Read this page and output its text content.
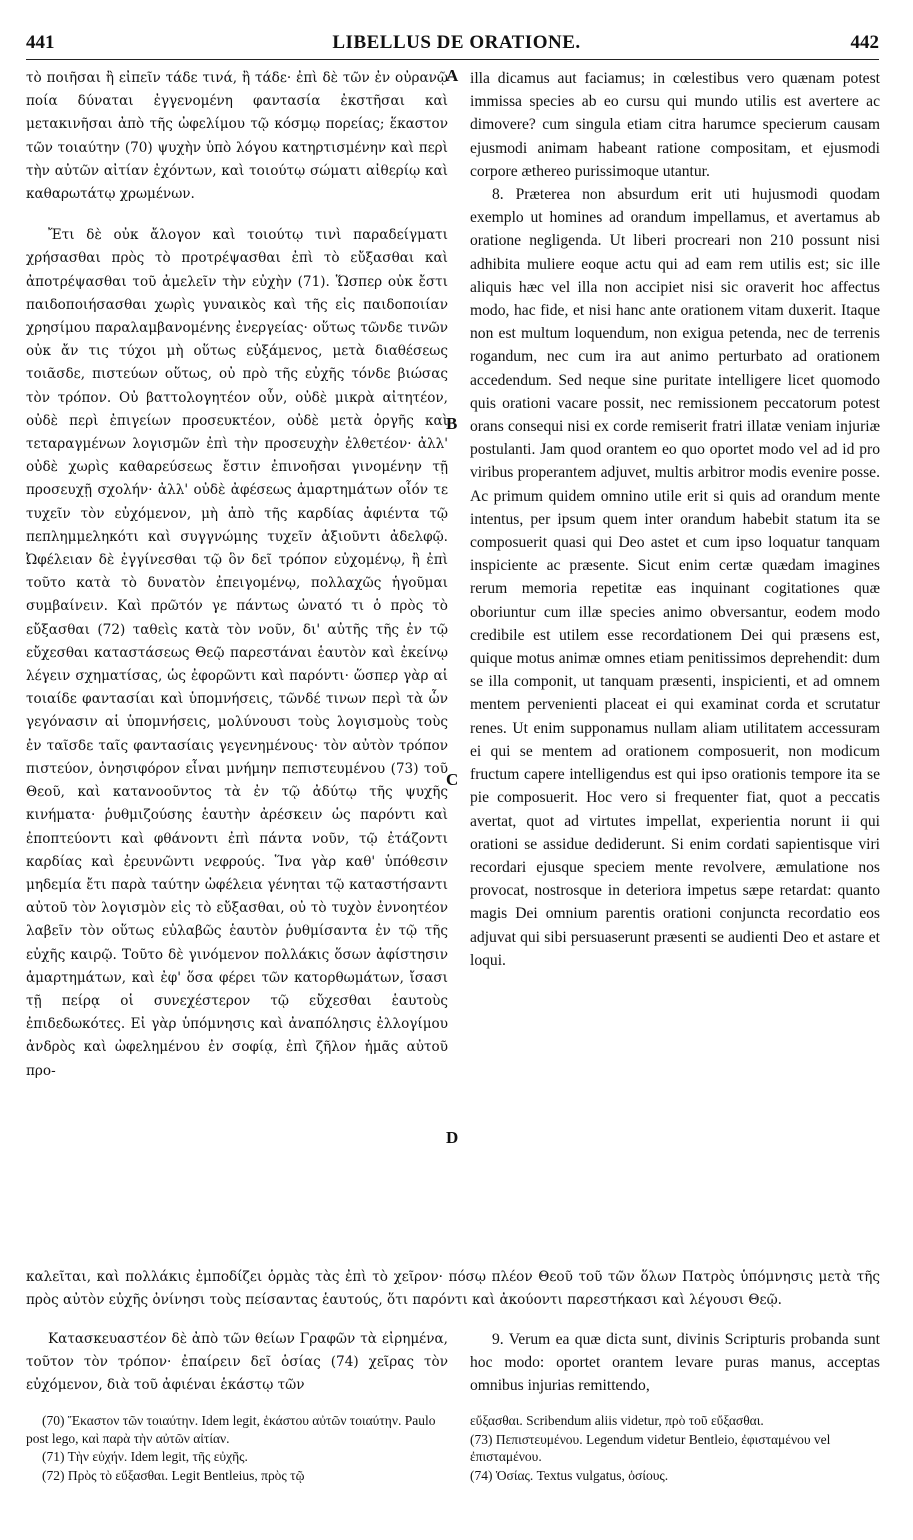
441	LIBELLUS DE ORATIONE.	442

τὸ ποιῆσαι ἢ εἰπεῖν τάδε τινά, ἢ τάδε· ἐπὶ δὲ τῶν ἐν οὐρανῷ ποία δύναται ἐγγενομένη φαντασία ἐκστῆσαι καὶ μετακινῆσαι ἀπὸ τῆς ὠφελίμου τῷ κόσμῳ πορείας; ἕκαστον τῶν τοιαύτην (70) ψυχὴν ὑπὸ λόγου κατηρτισμένην καὶ περὶ τὴν αὐτῶν αἰτίαν ἐχόντων, καὶ τοιούτῳ σώματι αἰθερίῳ καὶ καθαρωτάτῳ χρωμένων.

Ἔτι δὲ οὐκ ἄλογον καὶ τοιούτῳ τινὶ παραδείγματι χρήσασθαι πρὸς τὸ προτρέψασθαι ἐπὶ τὸ εὔξασθαι καὶ ἀποτρέψασθαι τοῦ ἀμελεῖν τὴν εὐχὴν (71). Ὥσπερ οὐκ ἔστι παιδοποιήσασθαι χωρὶς γυναικὸς καὶ τῆς εἰς παιδοποιίαν χρησίμου παραλαμβανομένης ἐνεργείας· οὕτως τῶνδε τινῶν οὐκ ἄν τις τύχοι μὴ οὕτως εὐξάμενος, μετὰ διαθέσεως τοιᾶσδε, πιστεύων οὕτως, οὐ πρὸ τῆς εὐχῆς τόνδε βιώσας τὸν τρόπον. Οὐ βαττολογητέον οὖν, οὐδὲ μικρὰ αἰτητέον, οὐδὲ περὶ ἐπιγείων προσευκτέον, οὐδὲ μετὰ ὀργῆς καὶ τεταραγμένων λογισμῶν ἐπὶ τὴν προσευχὴν ἐλθετέον· ἀλλ' οὐδὲ χωρὶς καθαρεύσεως ἔστιν ἐπινοῆσαι γινομένην τῇ προσευχῇ σχολήν· ἀλλ' οὐδὲ ἀφέσεως ἁμαρτημάτων οἷόν τε τυχεῖν τὸν εὐχόμενον, μὴ ἀπὸ τῆς καρδίας ἀφιέντα τῷ πεπλημμεληκότι καὶ συγγνώμης τυχεῖν ἀξιοῦντι ἀδελφῷ. Ὠφέλειαν δὲ ἐγγίνεσθαι τῷ ὃν δεῖ τρόπον εὐχομένῳ, ἢ ἐπὶ τοῦτο κατὰ τὸ δυνατὸν ἐπειγομένῳ, πολλαχῶς ἡγοῦμαι συμβαίνειν. Καὶ πρῶτόν γε πάντως ὠνατό τι ὁ πρὸς τὸ εὔξασθαι (72) ταθεὶς κατὰ τὸν νοῦν, δι' αὐτῆς τῆς ἐν τῷ εὔχεσθαι καταστάσεως Θεῷ παρεστάναι ἑαυτὸν καὶ ἐκείνῳ λέγειν σχηματίσας, ὡς ἐφορῶντι καὶ παρόντι· ὥσπερ γὰρ αἱ τοιαίδε φαντασίαι καὶ ὑπομνήσεις, τῶνδέ τινων περὶ τὰ ὧν γεγόνασιν αἱ ὑπομνήσεις, μολύνουσι τοὺς λογισμοὺς τοὺς ἐν ταῖσδε ταῖς φαντασίαις γεγενημένους· τὸν αὐτὸν τρόπον πιστεύον, ὀνησιφόρον εἶναι μνήμην πεπιστευμένου (73) τοῦ Θεοῦ, καὶ κατανοοῦντος τὰ ἐν τῷ ἀδύτῳ τῆς ψυχῆς κινήματα· ῥυθμιζούσης ἑαυτὴν ἀρέσκειν ὡς παρόντι καὶ ἐποπτεύοντι καὶ φθάνοντι ἐπὶ πάντα νοῦν, τῷ ἐτάζοντι καρδίας καὶ ἐρευνῶντι νεφρούς. Ἵνα γὰρ καθ' ὑπόθεσιν μηδεμία ἔτι παρὰ ταύτην ὠφέλεια γένηται τῷ καταστήσαντι αὐτοῦ τὸν λογισμὸν εἰς τὸ εὔξασθαι, οὐ τὸ τυχὸν ἐννοητέον λαβεῖν τὸν οὕτως εὐλαβῶς ἑαυτὸν ῥυθμίσαντα ἐν τῷ τῆς εὐχῆς καιρῷ. Τοῦτο δὲ γινόμενον πολλάκις ὅσων ἀφίστησιν ἁμαρτημάτων, καὶ ἐφ' ὅσα φέρει τῶν κατορθωμάτων, ἴσασι τῇ πείρᾳ οἱ συνεχέστερον τῷ εὔχεσθαι ἑαυτοὺς ἐπιδεδωκότες. Εἰ γὰρ ὑπόμνησις καὶ ἀναπόλησις ἐλλογίμου ἀνδρὸς καὶ ὠφελημένου ἐν σοφίᾳ, ἐπὶ ζῆλον ἡμᾶς αὐτοῦ προ-

illa dicamus aut faciamus; in cœlestibus vero quænam potest immissa species ab eo cursu qui mundo utilis est avertere ac dimovere? cum singula etiam citra harumce specierum causam ejusmodi animam habeant ratione compositam, et ejusmodi corpore æthereo purissimoque utantur.

8. Præterea non absurdum erit uti hujusmodi quodam exemplo ut homines ad orandum impellamus, et avertamus ab oratione negligenda. Ut liberi procreari non 210 possunt nisi adhibita muliere eoque actu qui ad eam rem utilis est; sic ille aliquis hæc vel illa non accipiet nisi sic oraverit hoc affectus modo, hac fide, et nisi hanc ante orationem vitam duxerit. Itaque non est multum loquendum, non exigua petenda, nec de terrenis rogandum, nec cum ira aut animo perturbato ad orationem accedendum. Sed neque sine puritate intelligere licet quomodo quis orationi vacare possit, nec remissionem peccatorum potest orans consequi nisi ex corde remiserit fratri illatæ veniam injuriæ postulanti. Jam quod orantem eo quo oportet modo vel ad id pro viribus properantem adjuvet, multis arbitror modis evenire posse. Ac primum quidem omnino utile erit si quis ad orandum mente intentus, per ipsum quem inter orandum habebit statum ita se composuerit quasi qui Deo astet et cum ipso loquatur tanquam inspiciente ac præsente. Sicut enim certæ quædam imagines rerum memoria repetitæ eas inquinant cogitationes quæ oboriuntur cum illæ species animo obversantur, eodem modo credibile est utilem esse recordationem Dei qui præsens est, quique motus animæ omnes etiam penitissimos deprehendit: dum se illa componit, ut tanquam præsenti, inspicienti, et ad omnem mentem pervenienti placeat ei qui examinat corda et scrutatur renes. Ut enim supponamus nullam aliam utilitatem accessuram ei qui se mentem ad orationem composuerit, non modicum fructum capere intelligendus est qui ipso orationis tempore ita se pie composuerit. Hoc vero si frequenter fiat, quot a peccatis avertat, quot ad virtutes impellat, experientia norunt ii qui orationi se assidue dediderunt. Si enim cordati sapientisque viri recordari ejusque speciem mente revolvere, æmulatione nos provocat, nostrosque in deteriora impetus sæpe retardat: quanto magis Dei omnium parentis orationi conjuncta recordatio eos adjuvat qui sibi persuaserunt præsenti se audienti Deo et astare et loqui.

A
B
C
D
καλεῖται, καὶ πολλάκις ἐμποδίζει ὁρμὰς τὰς ἐπὶ τὸ χεῖρον· πόσῳ πλέον Θεοῦ τοῦ τῶν ὅλων Πατρὸς ὑπόμνησις μετὰ τῆς πρὸς αὐτὸν εὐχῆς ὀνίνησι τοὺς πείσαντας ἑαυτούς, ὅτι παρόντι καὶ ἀκούοντι παρεστήκασι καὶ λέγουσι Θεῷ.

Κατασκευαστέον δὲ ἀπὸ τῶν θείων Γραφῶν τὰ εἰρημένα, τοῦτον τὸν τρόπον· ἐπαίρειν δεῖ ὁσίας (74) χεῖρας τὸν εὐχόμενον, διὰ τοῦ ἀφιέναι ἑκάστῳ τῶν

9. Verum ea quæ dicta sunt, divinis Scripturis probanda sunt hoc modo: oportet orantem levare puras manus, acceptas omnibus injurias remittendo,

(70) Ἕκαστον τῶν τοιαύτην. Idem legit, ἑκάστου αὐτῶν τοιαύτην. Paulo post lego, καὶ παρὰ τὴν αὐτῶν αἰτίαν.

(71) Τὴν εὐχήν. Idem legit, τῆς εὐχῆς.

(72) Πρὸς τὸ εὔξασθαι. Legit Bentleius, πρὸς τῷ

εὔξασθαι. Scribendum aliis videtur, πρὸ τοῦ εὔξασθαι.

(73) Πεπιστευμένου. Legendum videtur Bentleio, ἐφισταμένου vel ἐπισταμένου.

(74) Ὁσίας. Textus vulgatus, ὁσίους.
